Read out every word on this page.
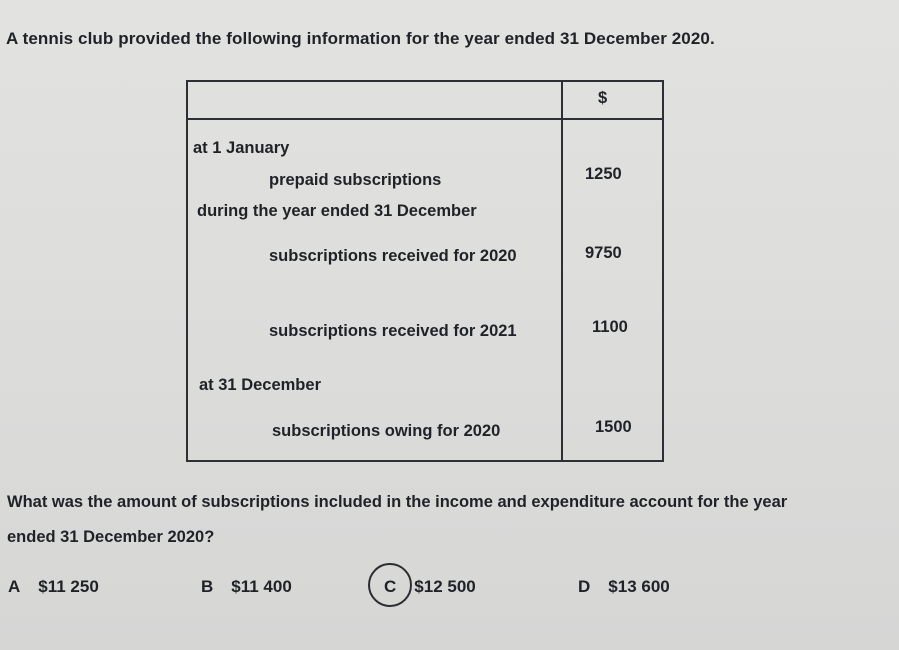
A tennis club provided the following information for the year ended 31 December 2020.
$
at 1 January
prepaid subscriptions	1250
during the year ended 31 December
subscriptions received for 2020	9750
subscriptions received for 2021	1100
at 31 December
subscriptions owing for 2020	1500
What was the amount of subscriptions included in the income and expenditure account for the year
ended 31 December 2020?
A $11 250	B $11 400	C $12 500	D $13 600
